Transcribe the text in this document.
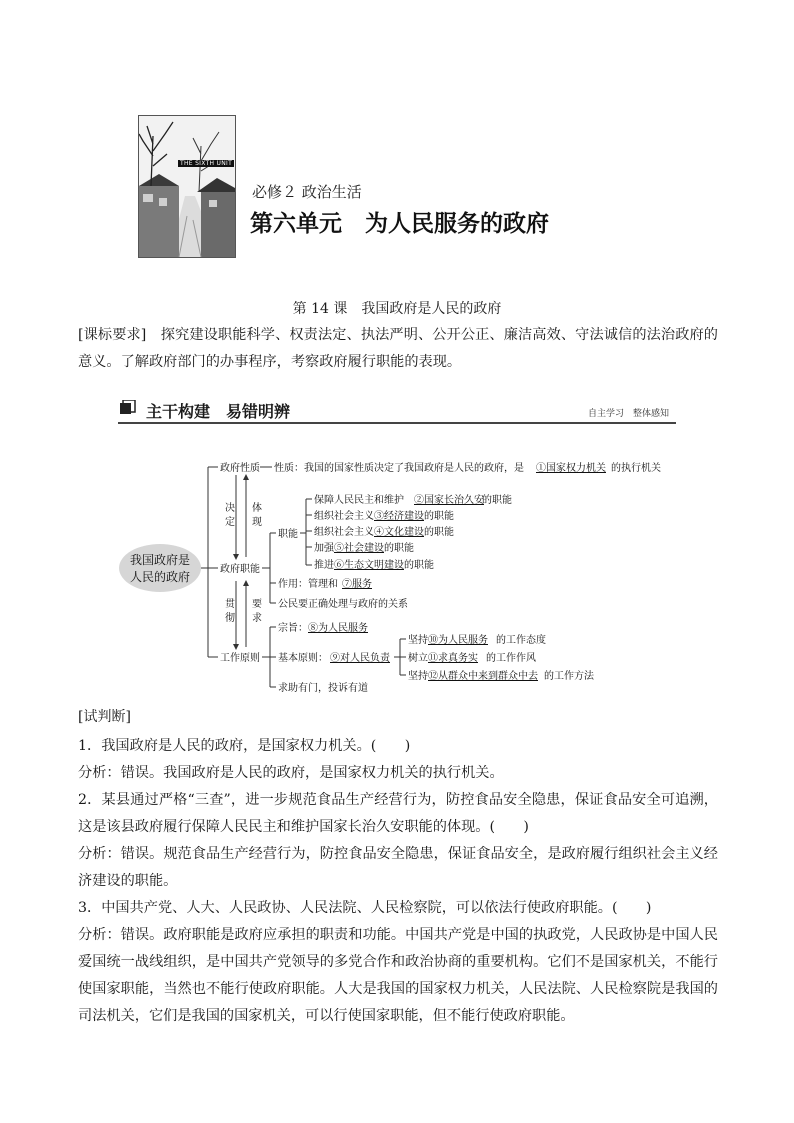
THE SIXTH UNIT
必修２ 政治生活
第六单元　为人民服务的政府
第 14 课　我国政府是人民的政府
[课标要求]　探究建设职能科学、权责法定、执法严明、公开公正、廉洁高效、守法诚信的法治政府的意义。了解政府部门的办事程序，考察政府履行职能的表现。
主干构建　易错明辨	自主学习　整体感知
我国政府是
人民的政府
政府性质 性质：我国的国家性质决定了我国政府是人民的政府，是 ①国家权力机关 的执行机关
决
定
体
现
政府职能
职能
保障人民民主和维护 ②国家长治久安
的职能
组织社会主义 ③经济建设 的职能
组织社会主义 ④文化建设 的职能
加强 ⑤社会建设 的职能
推进 ⑥生态文明建设 的职能
作用：管理和 ⑦服务
公民要正确处理与政府的关系
贯
彻
要
求
工作原则
宗旨： ⑧为人民服务
基本原则： ⑨对人民负责
坚持 ⑩为人民服务 的工作态度
树立 ⑪求真务实 的工作作风
坚持 ⑫从群众中来到群众中去 的工作方法
求助有门，投诉有道
[试判断]
1．我国政府是人民的政府，是国家权力机关。(　　)
分析：错误。我国政府是人民的政府，是国家权力机关的执行机关。
2．某县通过严格“三查”，进一步规范食品生产经营行为，防控食品安全隐患，保证食品安全可追溯，这是该县政府履行保障人民民主和维护国家长治久安职能的体现。(　　)
分析：错误。规范食品生产经营行为，防控食品安全隐患，保证食品安全，是政府履行组织社会主义经济建设的职能。
3．中国共产党、人大、人民政协、人民法院、人民检察院，可以依法行使政府职能。(　　)
分析：错误。政府职能是政府应承担的职责和功能。中国共产党是中国的执政党，人民政协是中国人民爱国统一战线组织，是中国共产党领导的多党合作和政治协商的重要机构。它们不是国家机关，不能行使国家职能，当然也不能行使政府职能。人大是我国的国家权力机关，人民法院、人民检察院是我国的司法机关，它们是我国的国家机关，可以行使国家职能，但不能行使政府职能。
